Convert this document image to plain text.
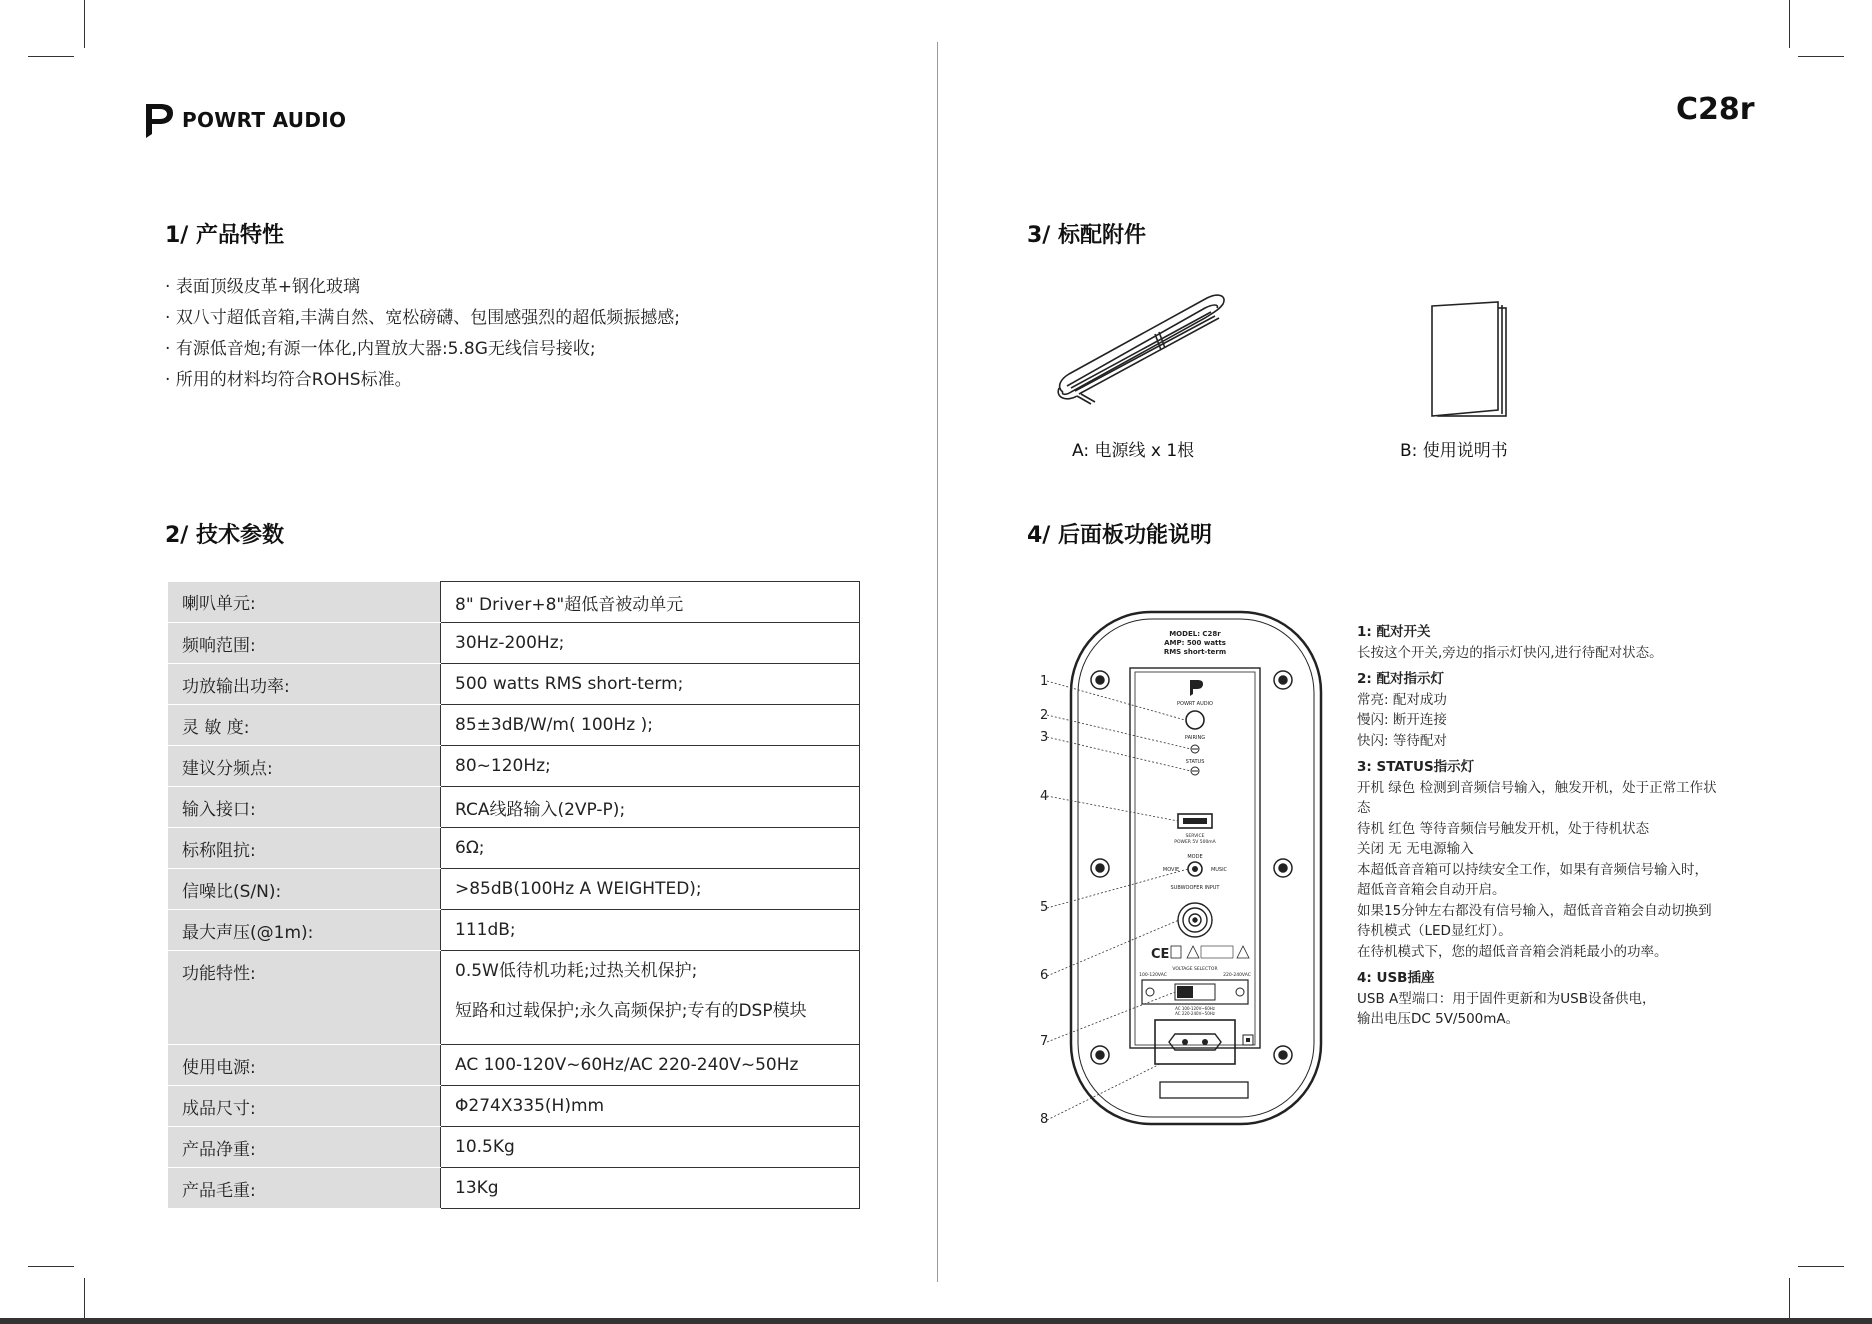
POWRT AUDIO	C28r
1/ 产品特性
· 表面顶级皮革+钢化玻璃
· 双八寸超低音箱,丰满自然、宽松磅礴、包围感强烈的超低频振撼感;
· 有源低音炮;有源一体化,内置放大器:5.8G无线信号接收;
· 所用的材料均符合ROHS标准。
2/ 技术参数
喇叭单元:	8" Driver+8"超低音被动单元
频响范围:	30Hz-200Hz;
功放输出功率:	500 watts RMS short-term;
灵 敏 度:	85±3dB/W/m( 100Hz );
建议分频点:	80~120Hz;
输入接口:	RCA线路输入(2VP-P);
标称阻抗:	6Ω;
信噪比(S/N):	>85dB(100Hz A WEIGHTED);
最大声压(@1m):	111dB;
功能特性:	0.5W低待机功耗;过热关机保护;
短路和过载保护;永久高频保护;专有的DSP模块

使用电源:	AC 100-120V~60Hz/AC 220-240V~50Hz
成品尺寸:	Φ274X335(H)mm
产品净重:	10.5Kg
产品毛重:	13Kg
3/ 标配附件
A: 电源线 x 1根	B: 使用说明书
4/ 后面板功能说明
MODEL: C28r
AMP: 500 watts
RMS short-term
POWRT AUDIO
PAIRING
STATUS
SERVICE
POWER 5V 500mA
MODE
MOVIE	MUSIC
SUBWOOFER INPUT
CE
VOLTAGE SELECTOR
100-120VAC	220-240VAC
AC 100-120V~60Hz
AC 220-240V~50Hz
1
2
3
4
5
6
7
8
1: 配对开关
长按这个开关,旁边的指示灯快闪,进行待配对状态。
2: 配对指示灯
常亮: 配对成功
慢闪: 断开连接
快闪: 等待配对
3: STATUS指示灯
开机 绿色 检测到音频信号输入，触发开机，处于正常工作状态
待机 红色 等待音频信号触发开机，处于待机状态
关闭 无 无电源输入
本超低音音箱可以持续安全工作，如果有音频信号输入时，超低音音箱会自动开启。
如果15分钟左右都没有信号输入，超低音音箱会自动切换到待机模式（LED显红灯）。
在待机模式下，您的超低音音箱会消耗最小的功率。
4: USB插座
USB A型端口：用于固件更新和为USB设备供电，
输出电压DC 5V/500mA。
